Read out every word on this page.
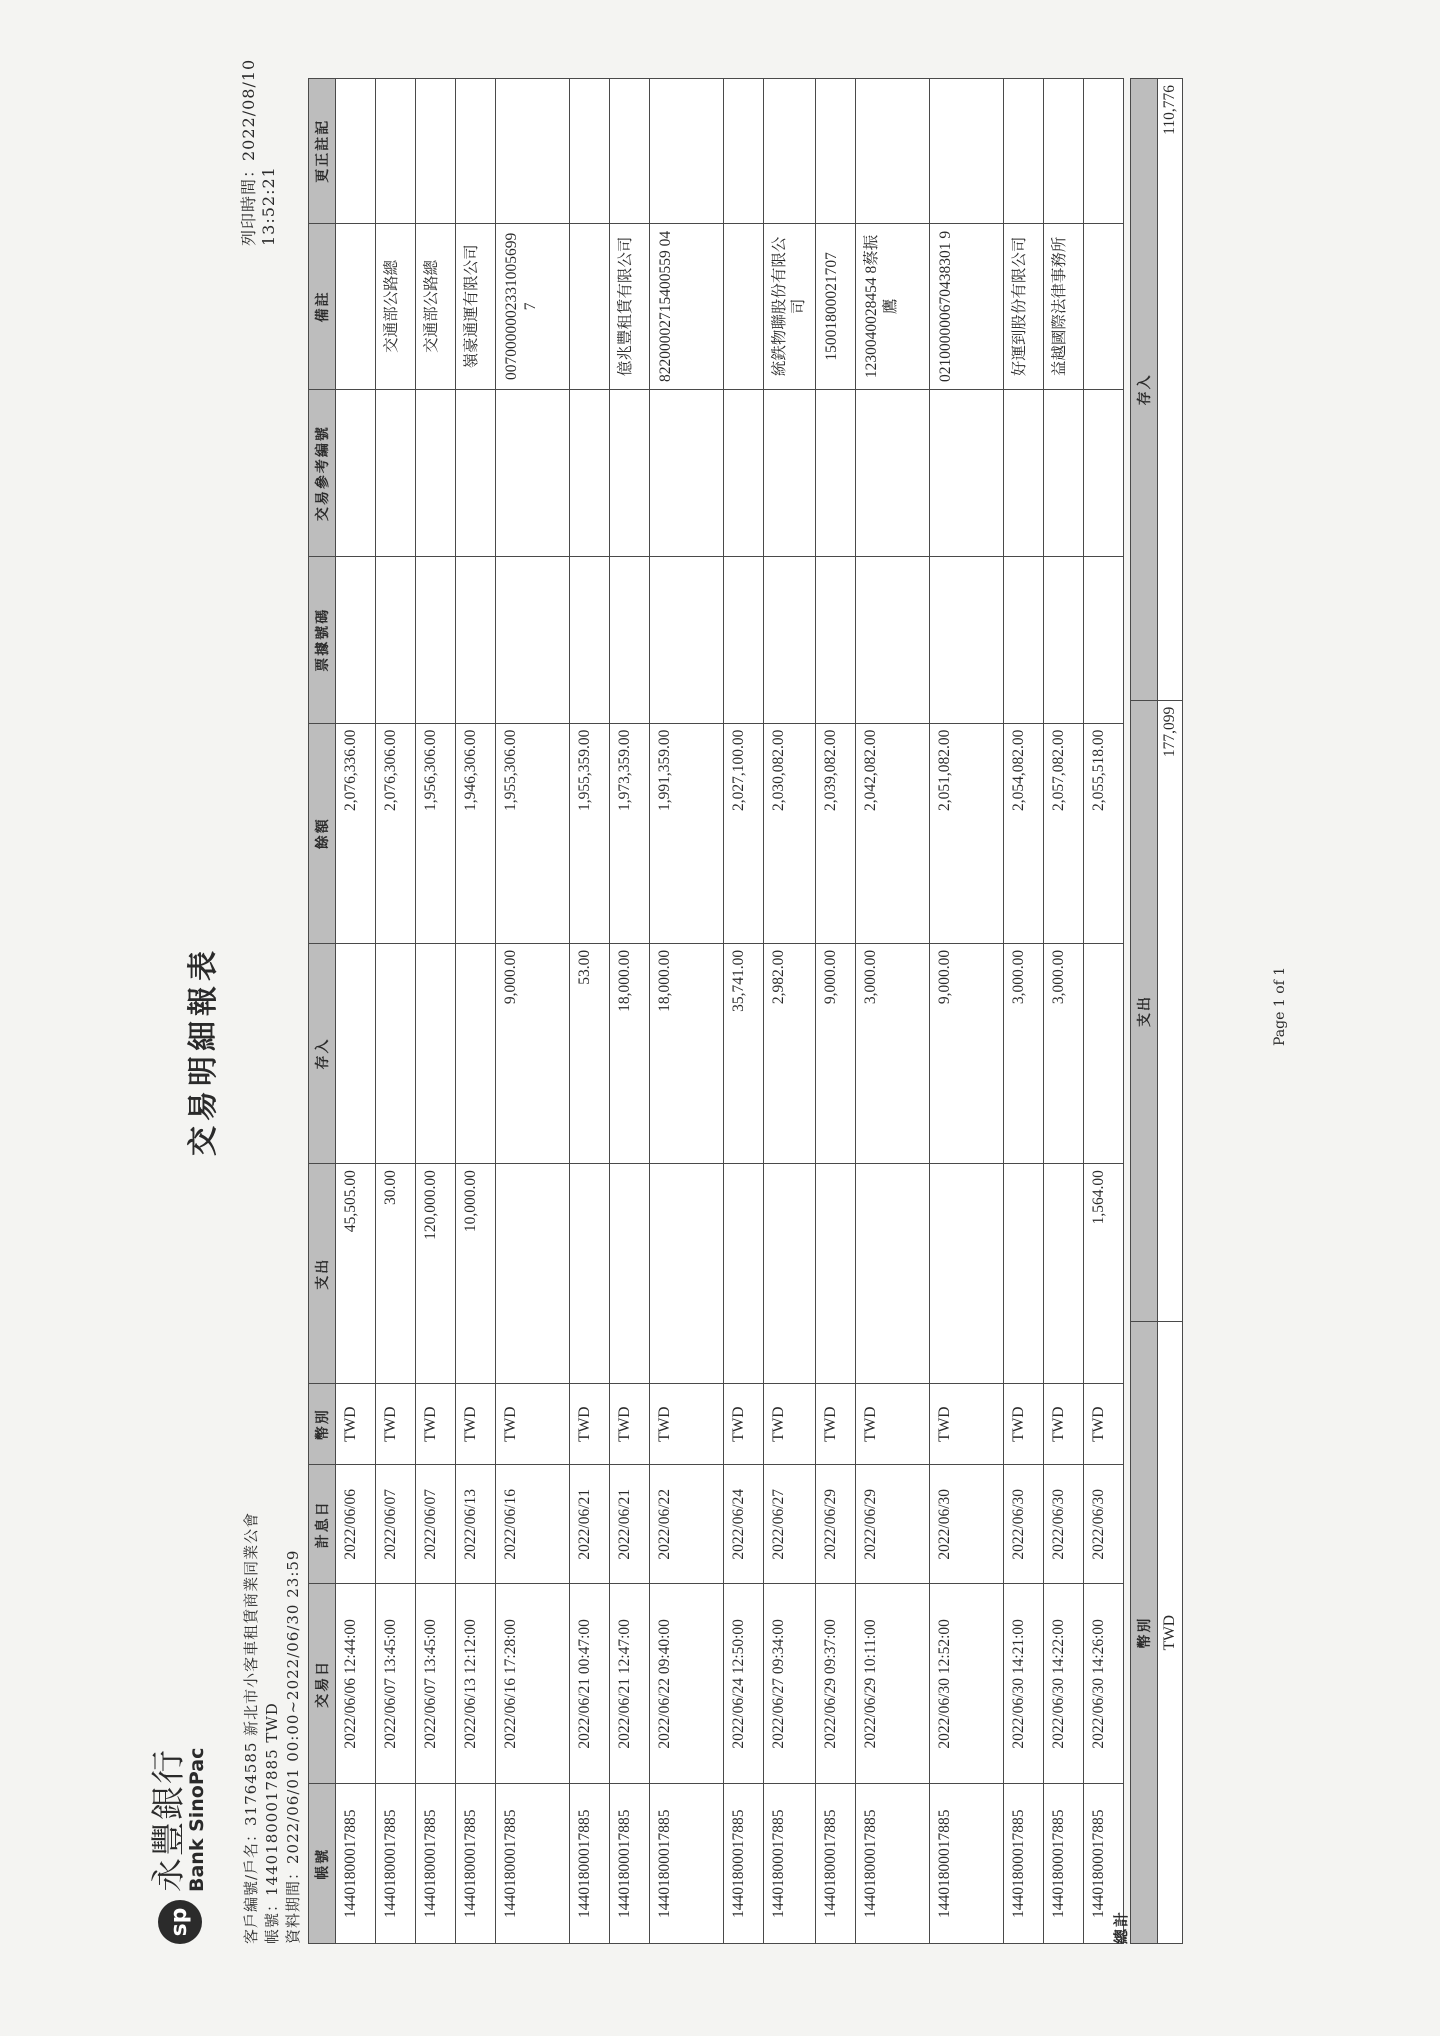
sp
永豐銀行
Bank SinoPac
交易明細報表
列印時間：2022/08/10 13:52:21
客戶編號/戶名：31764585 新北市小客車租賃商業同業公會 帳號：14401800017885 TWD 資料期間：2022/06/01 00:00~2022/06/30 23:59 帳號	交易日	計息日	幣別	支出	存入	餘額	票據號碼	交易參考編號	備註	更正註記
14401800017885	2022/06/06 12:44:00	2022/06/06	TWD	45,505.00		2,076,336.00				
14401800017885	2022/06/07 13:45:00	2022/06/07	TWD	30.00		2,076,306.00			交通部公路總	
14401800017885	2022/06/07 13:45:00	2022/06/07	TWD	120,000.00		1,956,306.00			交通部公路總	
14401800017885	2022/06/13 12:12:00	2022/06/13	TWD	10,000.00		1,946,306.00			嶺豪通運有限公司	
14401800017885	2022/06/16 17:28:00	2022/06/16	TWD		9,000.00	1,955,306.00			00700000023310056997	
14401800017885	2022/06/21 00:47:00	2022/06/21	TWD		53.00	1,955,359.00				
14401800017885	2022/06/21 12:47:00	2022/06/21	TWD		18,000.00	1,973,359.00			億兆豐租賃有限公司	
14401800017885	2022/06/22 09:40:00	2022/06/22	TWD		18,000.00	1,991,359.00			82200002715400559 04	
14401800017885	2022/06/24 12:50:00	2022/06/24	TWD		35,741.00	2,027,100.00				
14401800017885	2022/06/27 09:34:00	2022/06/27	TWD		2,982.00	2,030,082.00			統鉄物聯股份有限公司	
14401800017885	2022/06/29 09:37:00	2022/06/29	TWD		9,000.00	2,039,082.00			15001800021707	
14401800017885	2022/06/29 10:11:00	2022/06/29	TWD		3,000.00	2,042,082.00			1230040028454 8蔡振鷹	
14401800017885	2022/06/30 12:52:00	2022/06/30	TWD		9,000.00	2,051,082.00			021000000670438301 9	
14401800017885	2022/06/30 14:21:00	2022/06/30	TWD		3,000.00	2,054,082.00			好運到股份有限公司	
14401800017885	2022/06/30 14:22:00	2022/06/30	TWD		3,000.00	2,057,082.00			益越國際法律事務所	
14401800017885	2022/06/30 14:26:00	2022/06/30	TWD	1,564.00		2,055,518.00				
總計
幣別	支出	存入
TWD	177,099	110,776
Page 1 of 1
